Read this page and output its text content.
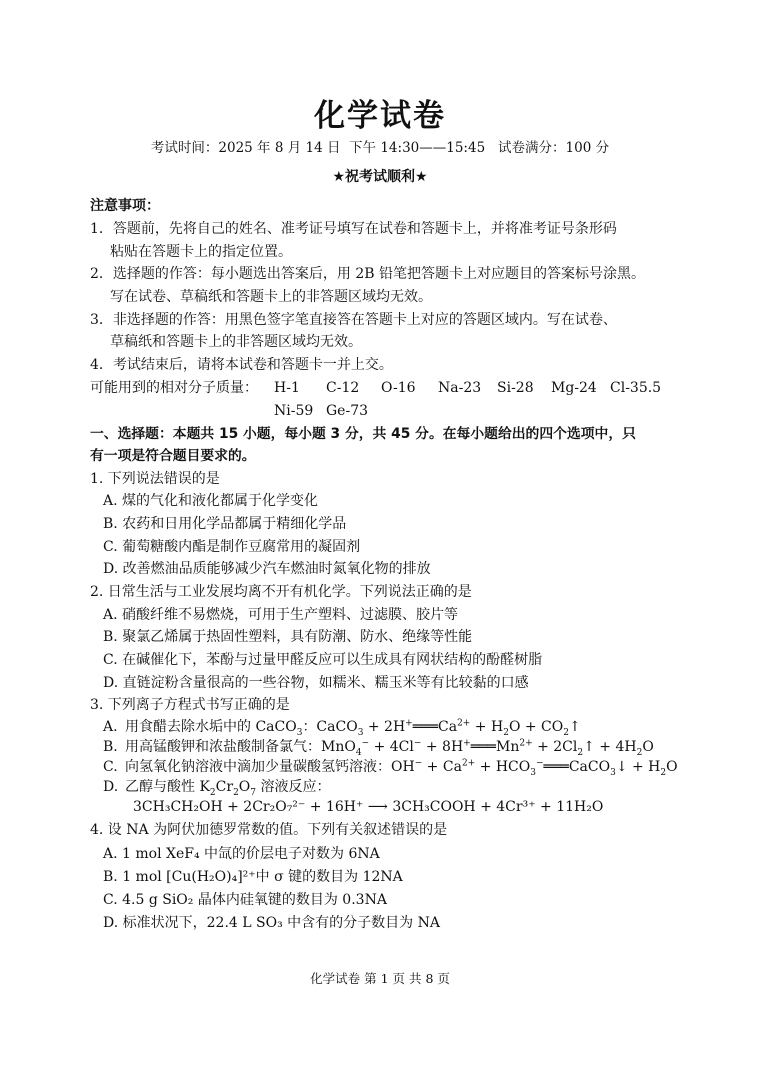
化学试卷
考试时间：2025 年 8 月 14 日  下午 14:30——15:45   试卷满分：100 分
★祝考试顺利★
注意事项：
1．答题前，先将自己的姓名、准考证号填写在试卷和答题卡上，并将准考证号条形码
粘贴在答题卡上的指定位置。
2．选择题的作答：每小题选出答案后，用 2B 铅笔把答题卡上对应题目的答案标号涂黑。
写在试卷、草稿纸和答题卡上的非答题区域均无效。
3．非选择题的作答：用黑色签字笔直接答在答题卡上对应的答题区域内。写在试卷、
草稿纸和答题卡上的非答题区域均无效。
4．考试结束后，请将本试卷和答题卡一并上交。
可能用到的相对分子质量： H-1 C-12 O-16 Na-23 Si-28 Mg-24 Cl-35.5
Ni-59 Ge-73
一、选择题：本题共 15 小题，每小题 3 分，共 45 分。在每小题给出的四个选项中，只
有一项是符合题目要求的。
1. 下列说法错误的是
A. 煤的气化和液化都属于化学变化
B. 农药和日用化学品都属于精细化学品
C. 葡萄糖酸内酯是制作豆腐常用的凝固剂
D. 改善燃油品质能够减少汽车燃油时氮氧化物的排放
2. 日常生活与工业发展均离不开有机化学。下列说法正确的是
A. 硝酸纤维不易燃烧，可用于生产塑料、过滤膜、胶片等
B. 聚氯乙烯属于热固性塑料，具有防潮、防水、绝缘等性能
C. 在碱催化下，苯酚与过量甲醛反应可以生成具有网状结构的酚醛树脂
D. 直链淀粉含量很高的一些谷物，如糯米、糯玉米等有比较黏的口感
3. 下列离子方程式书写正确的是
A. 用食醋去除水垢中的 CaCO$_3$：CaCO$_3$ + $2H^+═══Ca^{2+} + H_2O$ + $CO_2↑$
B. 用高锰酸钾和浓盐酸制备氯气：$MnO_4^- + 4Cl^- + 8H^+═══Mn^{2+}$ + $2Cl_2↑ + 4H_2O$
C. 向氢氧化钠溶液中滴加少量碳酸氢钙溶液：$OH^- + Ca^{2+}$ + $HCO_3^-═══CaCO_3↓ + H_2O$
D. 乙醇与酸性 $K_2Cr_2O_7$ 溶液反应：
3CH₃CH₂OH + 2Cr₂O₇²⁻ + 16H⁺ ⟶ 3CH₃COOH + 4Cr³⁺ + 11H₂O
4. 设 NA 为阿伏加德罗常数的值。下列有关叙述错误的是
A. 1 mol XeF₄ 中氙的价层电子对数为 6NA
B. 1 mol [Cu(H₂O)₄]²⁺中 σ 键的数目为 12NA
C. 4.5 g SiO₂ 晶体内硅氧键的数目为 0.3NA
D. 标准状况下，22.4 L SO₃ 中含有的分子数目为 NA
化学试卷 第 1 页 共 8 页
